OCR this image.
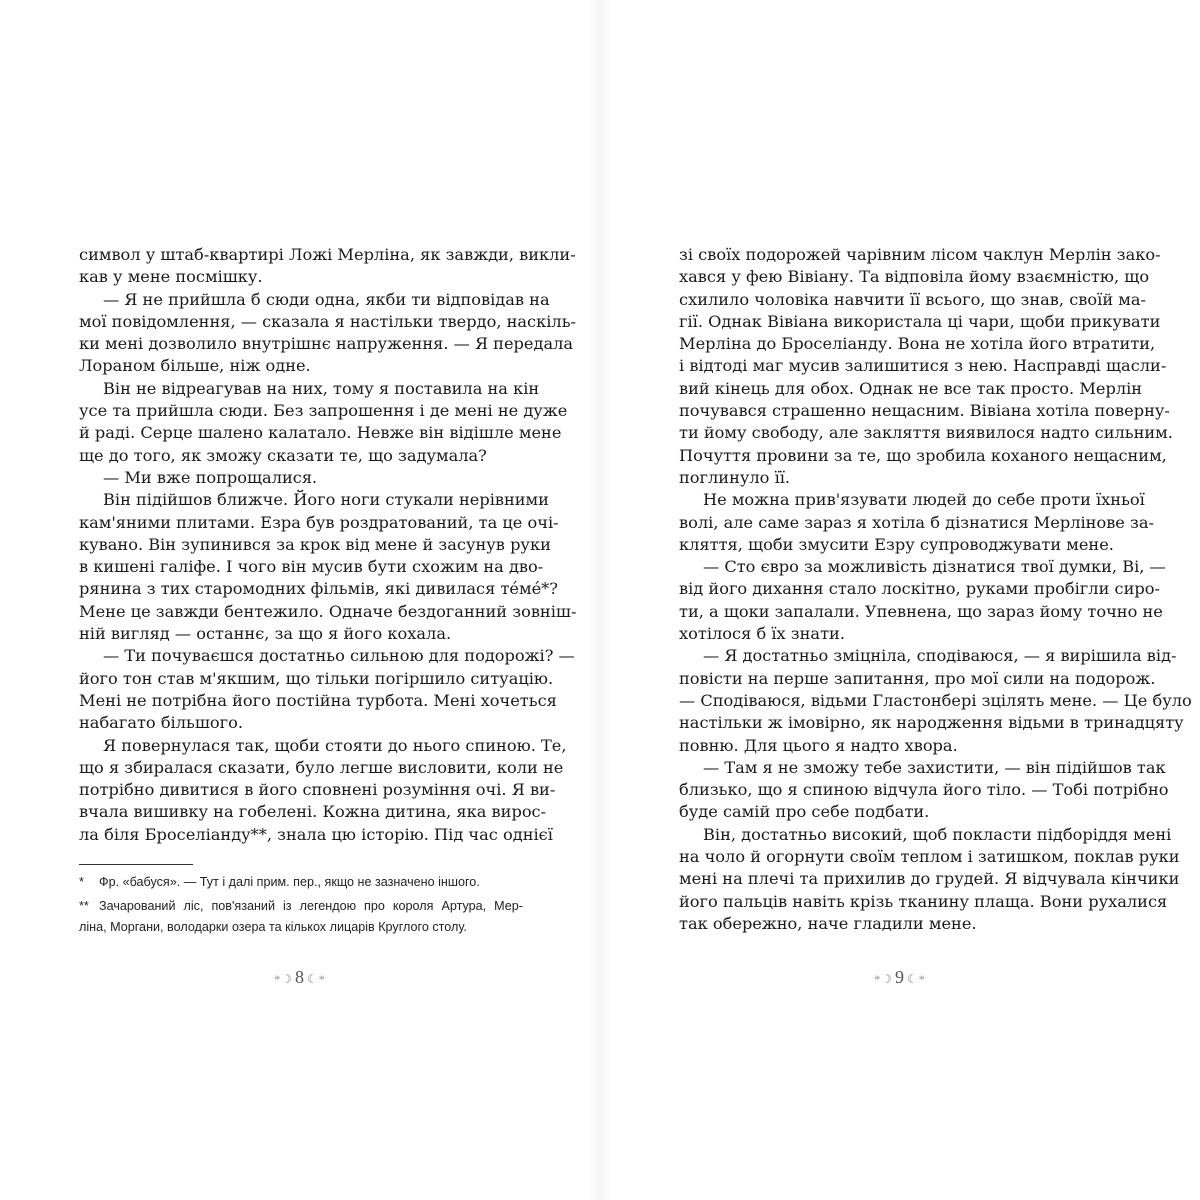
символ у штаб-квартирі Ложі Мерліна, як завжди, викли-
кав у мене посмішку.
— Я не прийшла б сюди одна, якби ти відповідав на
мої повідомлення, — сказала я настільки твердо, наскіль-
ки мені дозволило внутрішнє напруження. — Я передала
Лораном більше, ніж одне.
Він не відреагував на них, тому я поставила на кін
усе та прийшла сюди. Без запрошення і де мені не дуже
й раді. Серце шалено калатало. Невже він відішле мене
ще до того, як зможу сказати те, що задумала?
— Ми вже попрощалися.
Він підійшов ближче. Його ноги стукали нерівними
кам'яними плитами. Езра був роздратований, та це очі-
кувано. Він зупинився за крок від мене й засунув руки
в кишені галіфе. І чого він мусив бути схожим на дво-
рянина з тих старомодних фільмів, які дивилася тéмé*?
Мене це завжди бентежило. Одначе бездоганний зовніш-
ній вигляд — останнє, за що я його кохала.
— Ти почуваєшся достатньо сильною для подорожі? —
його тон став м'якшим, що тільки погіршило ситуацію.
Мені не потрібна його постійна турбота. Мені хочеться
набагато більшого.
Я повернулася так, щоби стояти до нього спиною. Те,
що я збиралася сказати, було легше висловити, коли не
потрібно дивитися в його сповнені розуміння очі. Я ви-
вчала вишивку на гобелені. Кожна дитина, яка вирос-
ла біля Броселіанду**, знала цю історію. Під час однієї
* Фр. «бабуся». — Тут і далі прим. пер., якщо не зазначено іншого.
** Зачарований ліс, пов'язаний із легендою про короля Артура, Мер-
ліна, Моргани, володарки озера та кількох лицарів Круглого столу.
*☽ 8 ☾*
зі своїх подорожей чарівним лісом чаклун Мерлін зако-
хався у фею Вівіану. Та відповіла йому взаємністю, що
схилило чоловіка навчити її всього, що знав, своїй ма-
гії. Однак Вівіана використала ці чари, щоби прикувати
Мерліна до Броселіанду. Вона не хотіла його втратити,
і відтоді маг мусив залишитися з нею. Насправді щасли-
вий кінець для обох. Однак не все так просто. Мерлін
почувався страшенно нещасним. Вівіана хотіла поверну-
ти йому свободу, але закляття виявилося надто сильним.
Почуття провини за те, що зробила коханого нещасним,
поглинуло її.
Не можна прив'язувати людей до себе проти їхньої
волі, але саме зараз я хотіла б дізнатися Мерлінове за-
кляття, щоби змусити Езру супроводжувати мене.
— Сто євро за можливість дізнатися твої думки, Ві, —
від його дихання стало лоскітно, руками пробігли сиро-
ти, а щоки запалали. Упевнена, що зараз йому точно не
хотілося б їх знати.
— Я достатньо зміцніла, сподіваюся, — я вирішила від-
повісти на перше запитання, про мої сили на подорож.
— Сподіваюся, відьми Гластонбері зцілять мене. — Це було
настільки ж імовірно, як народження відьми в тринадцяту
повню. Для цього я надто хвора.
— Там я не зможу тебе захистити, — він підійшов так
близько, що я спиною відчула його тіло. — Тобі потрібно
буде самій про себе подбати.
Він, достатньо високий, щоб покласти підборіддя мені
на чоло й огорнути своїм теплом і затишком, поклав руки
мені на плечі та прихилив до грудей. Я відчувала кінчики
його пальців навіть крізь тканину плаща. Вони рухалися
так обережно, наче гладили мене.
*☽ 9 ☾*
